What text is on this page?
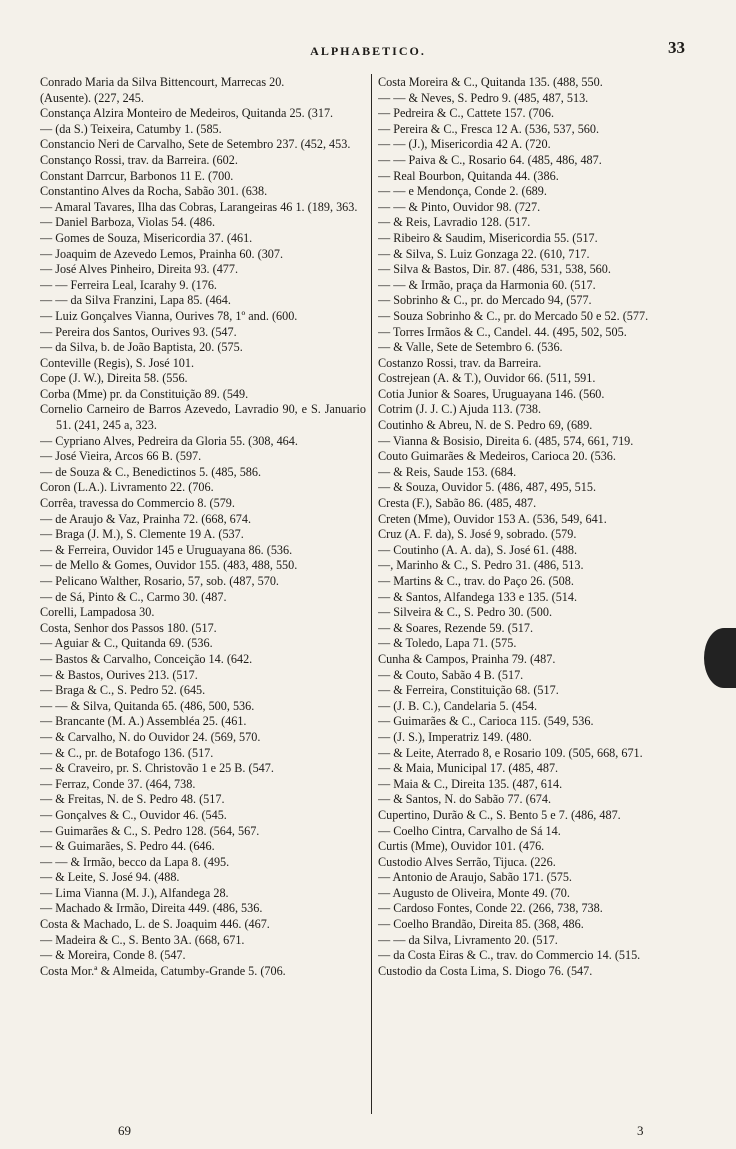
ALPHABETICO.	33

Conrado Maria da Silva Bittencourt, Marrecas 20.

(Ausente). (227, 245.

Constança Alzira Monteiro de Medeiros, Quitanda 25. (317.

— (da S.) Teixeira, Catumby 1. (585.

Constancio Neri de Carvalho, Sete de Setembro 237. (452, 453.

Constanço Rossi, trav. da Barreira. (602.

Constant Darrcur, Barbonos 11 E. (700.

Constantino Alves da Rocha, Sabão 301. (638.

— Amaral Tavares, Ilha das Cobras, Larangeiras 46 1. (189, 363.

— Daniel Barboza, Violas 54. (486.

— Gomes de Souza, Misericordia 37. (461.

— Joaquim de Azevedo Lemos, Prainha 60. (307.

— José Alves Pinheiro, Direita 93. (477.

— — Ferreira Leal, Icarahy 9. (176.

— — da Silva Franzini, Lapa 85. (464.

— Luiz Gonçalves Vianna, Ourives 78, 1º and. (600.

— Pereira dos Santos, Ourives 93. (547.

— da Silva, b. de João Baptista, 20. (575.

Conteville (Regis), S. José 101.

Cope (J. W.), Direita 58. (556.

Corba (Mme) pr. da Constituição 89. (549.

Cornelio Carneiro de Barros Azevedo, Lavradio 90, e S. Januario 51. (241, 245 a, 323.

— Cypriano Alves, Pedreira da Gloria 55. (308, 464.

— José Vieira, Arcos 66 B. (597.

— de Souza & C., Benedictinos 5. (485, 586.

Coron (L.A.). Livramento 22. (706.

Corrêa, travessa do Commercio 8. (579.

— de Araujo & Vaz, Prainha 72. (668, 674.

— Braga (J. M.), S. Clemente 19 A. (537.

— & Ferreira, Ouvidor 145 e Uruguayana 86. (536.

— de Mello & Gomes, Ouvidor 155. (483, 488, 550.

— Pelicano Walther, Rosario, 57, sob. (487, 570.

— de Sá, Pinto & C., Carmo 30. (487.

Corelli, Lampadosa 30.

Costa, Senhor dos Passos 180. (517.

— Aguiar & C., Quitanda 69. (536.

— Bastos & Carvalho, Conceição 14. (642.

— & Bastos, Ourives 213. (517.

— Braga & C., S. Pedro 52. (645.

— — & Silva, Quitanda 65. (486, 500, 536.

— Brancante (M. A.) Assembléa 25. (461.

— & Carvalho, N. do Ouvidor 24. (569, 570.

— & C., pr. de Botafogo 136. (517.

— & Craveiro, pr. S. Christovão 1 e 25 B. (547.

— Ferraz, Conde 37. (464, 738.

— & Freitas, N. de S. Pedro 48. (517.

— Gonçalves & C., Ouvidor 46. (545.

— Guimarães & C., S. Pedro 128. (564, 567.

— & Guimarães, S. Pedro 44. (646.

— — & Irmão, becco da Lapa 8. (495.

— & Leite, S. José 94. (488.

— Lima Vianna (M. J.), Alfandega 28.

— Machado & Irmão, Direita 449. (486, 536.

Costa & Machado, L. de S. Joaquim 446. (467.

— Madeira & C., S. Bento 3A. (668, 671.

— & Moreira, Conde 8. (547.

Costa Mor.ª & Almeida, Catumby-Grande 5. (706.

Costa Moreira & C., Quitanda 135. (488, 550.

— — & Neves, S. Pedro 9. (485, 487, 513.

— Pedreira & C., Cattete 157. (706.

— Pereira & C., Fresca 12 A. (536, 537, 560.

— — (J.), Misericordia 42 A. (720.

— — Paiva & C., Rosario 64. (485, 486, 487.

— Real Bourbon, Quitanda 44. (386.

— — e Mendonça, Conde 2. (689.

— — & Pinto, Ouvidor 98. (727.

— & Reis, Lavradio 128. (517.

— Ribeiro & Saudim, Misericordia 55. (517.

— & Silva, S. Luiz Gonzaga 22. (610, 717.

— Silva & Bastos, Dir. 87. (486, 531, 538, 560.

— — & Irmão, praça da Harmonia 60. (517.

— Sobrinho & C., pr. do Mercado 94, (577.

— Souza Sobrinho & C., pr. do Mercado 50 e 52. (577.

— Torres Irmãos & C., Candel. 44. (495, 502, 505.

— & Valle, Sete de Setembro 6. (536.

Costanzo Rossi, trav. da Barreira.

Costrejean (A. & T.), Ouvidor 66. (511, 591.

Cotia Junior & Soares, Uruguayana 146. (560.

Cotrim (J. J. C.) Ajuda 113. (738.

Coutinho & Abreu, N. de S. Pedro 69, (689.

— Vianna & Bosisio, Direita 6. (485, 574, 661, 719.

Couto Guimarães & Medeiros, Carioca 20. (536.

— & Reis, Saude 153. (684.

— & Souza, Ouvidor 5. (486, 487, 495, 515.

Cresta (F.), Sabão 86. (485, 487.

Creten (Mme), Ouvidor 153 A. (536, 549, 641.

Cruz (A. F. da), S. José 9, sobrado. (579.

— Coutinho (A. A. da), S. José 61. (488.

—, Marinho & C., S. Pedro 31. (486, 513.

— Martins & C., trav. do Paço 26. (508.

— & Santos, Alfandega 133 e 135. (514.

— Silveira & C., S. Pedro 30. (500.

— & Soares, Rezende 59. (517.

— & Toledo, Lapa 71. (575.

Cunha & Campos, Prainha 79. (487.

— & Couto, Sabão 4 B. (517.

— & Ferreira, Constituição 68. (517.

— (J. B. C.), Candelaria 5. (454.

— Guimarães & C., Carioca 115. (549, 536.

— (J. S.), Imperatriz 149. (480.

— & Leite, Aterrado 8, e Rosario 109. (505, 668, 671.

— & Maia, Municipal 17. (485, 487.

— Maia & C., Direita 135. (487, 614.

— & Santos, N. do Sabão 77. (674.

Cupertino, Durão & C., S. Bento 5 e 7. (486, 487.

— Coelho Cintra, Carvalho de Sá 14.

Curtis (Mme), Ouvidor 101. (476.

Custodio Alves Serrão, Tijuca. (226.

— Antonio de Araujo, Sabão 171. (575.

— Augusto de Oliveira, Monte 49. (70.

— Cardoso Fontes, Conde 22. (266, 738, 738.

— Coelho Brandão, Direita 85. (368, 486.

— — da Silva, Livramento 20. (517.

— da Costa Eiras & C., trav. do Commercio 14. (515.

Custodio da Costa Lima, S. Diogo 76. (547.

69	3
